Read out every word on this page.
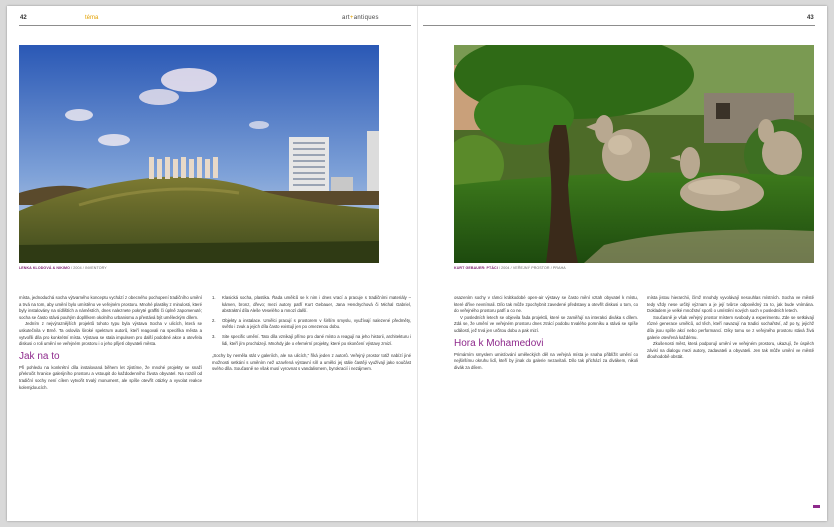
42	téma	art+antiques	43
LENKA KLODOVÁ & NIKIMO / 2004 / INVENTORY	KURT GEBAUER: PTÁCI / 2004 / VEŘEJNÝ PROSTOR / PRAHA

místa, jednoduchá socha výtvarného konceptu vychází z obecného pochopení tradičního umění a trvá na tom, aby umění bylo umístěno ve veřejném prostoru. Mnohé plastiky z minulosti, které byly instalovány na sídlištích a náměstích, dnes naleznete pokryté graffiti či úplně zapomenuté; socha se často stává pouhým doplňkem okolního urbanismu a přestává být uměleckým dílem.

Jedním z nejvýraznějších projektů tohoto typu byla výstava Socha v ulicích, která se uskutečnila v Brně. Ta oslovila široké spektrum autorů, kteří reagovali na specifika města a vytvořili díla pro konkrétní místa. Výstava se stala impulsem pro další podobné akce a otevřela diskusi o roli umění ve veřejném prostoru i o jeho přijetí obyvateli města.

Jak na to

Při pohledu na konkrétní díla instalovaná během let zjistíme, že mnohé projekty se snaží překročit hranice galerijního prostoru a vstoupit do každodenního života obyvatel. Na rozdíl od tradiční sochy není cílem vytvořit trvalý monument, ale spíše otevřít otázky a vyvolat reakce kolemjdoucích.

1. Klasická socha, plastika. Řada umělců se k nim i dnes vrací a pracuje s tradičními materiály – kámen, bronz, dřevo; mezi autory patří Kurt Gebauer, Jana Hendrychová či Michal Gabriel, abstraktní díla Aleše Veselého a mnozí další.
2. Objekty a instalace. Umělci pracují s prostorem v širším smyslu, využívají nalezené předměty, světlo i zvuk a jejich díla často existují jen po omezenou dobu.
3. Site specific umění. Tato díla vznikají přímo pro dané místo a reagují na jeho historii, architekturu i lidi, kteří jím procházejí. Mnohdy jde o efemérní projekty, které po skončení výstavy zmizí.

„Sochy by neměla stát v galeriích, ale na ulicích,“ říká jeden z autorů. Veřejný prostor totiž nabízí jiné možnosti setkání s uměním než uzavřená výstavní síň a umělci jej stále častěji využívají jako součást svého díla. Současně se však musí vyrovnat s vandalismem, byrokracií i nezájmem.

osazením sochy v rámci krátkodobé open-air výstavy se často mění vztah obyvatel k místu, které dříve nevnímali. Dílo tak může zpochybnit zavedené představy a otevřít diskusi o tom, co do veřejného prostoru patří a co ne.

V posledních letech se objevila řada projektů, které se zaměřují na interakci diváka s dílem. Zdá se, že umění ve veřejném prostoru dnes ztrácí podobu trvalého pomníku a stává se spíše událostí, jež trvá jen určitou dobu a pak mizí.

Hora k Mohamedovi

Primárním smyslem umisťování uměleckých děl na veřejná místa je snaha přiblížit umění co nejširšímu okruhu lidí, kteří by jinak do galerie nezavítali. Dílo tak přichází za divákem, nikoli divák za dílem.

místa jistou hierarchii, čímž mnohdy vyvolávají nesouhlas místních. Socha ve městě tedy vždy nese určitý význam a je její tvůrce odpovědný za to, jak bude vnímána. Dokladem je velké množství sporů o umístění nových soch v posledních letech.

Současně je však veřejný prostor místem svobody a experimentu. Zde se setkávají různé generace umělců, od těch, kteří navazují na tradici sochařství, až po ty, jejichž díla jsou spíše akcí nebo performancí. Díky tomu se z veřejného prostoru stává živá galerie otevřená každému.

Zkušenosti měst, která podporují umění ve veřejném prostoru, ukazují, že úspěch závisí na dialogu mezi autory, zadavateli a obyvateli. Jen tak může umění ve městě dlouhodobě obstát.
